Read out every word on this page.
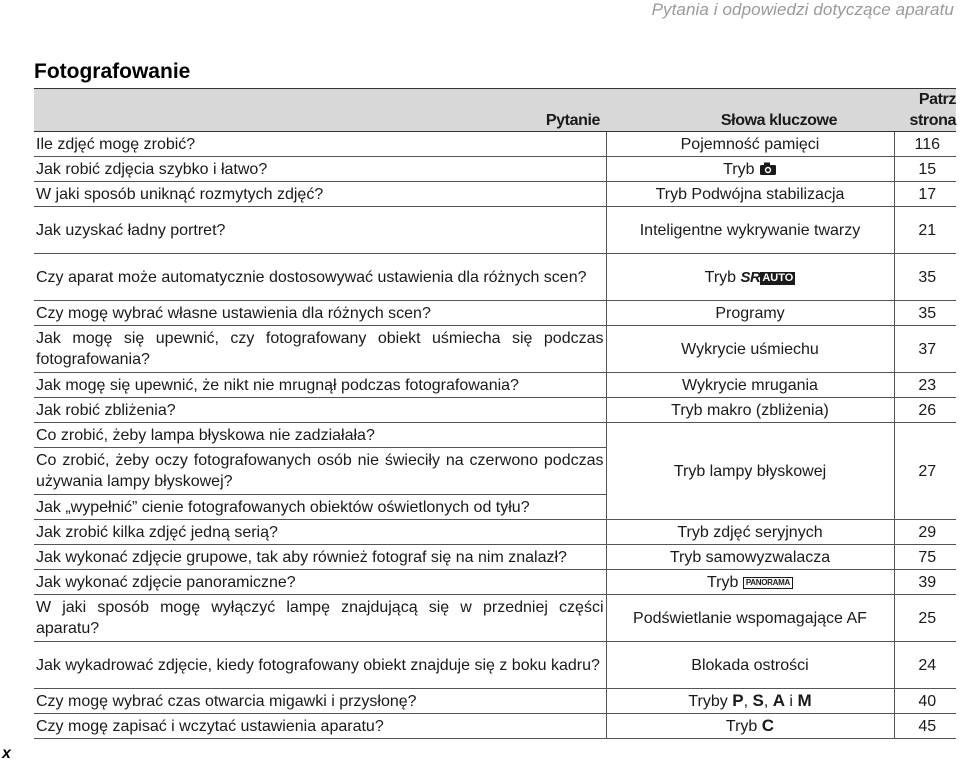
Pytania i odpowiedzi dotyczące aparatu
Fotografowanie
Pytanie	Słowa kluczowe	Patrz strona
Ile zdjęć mogę zrobić?	Pojemność pamięci	116
Jak robić zdjęcia szybko i łatwo?	Tryb	15
W jaki sposób uniknąć rozmytych zdjęć?	Tryb Podwójna stabilizacja	17
Jak uzyskać ładny portret?	Inteligentne wykrywanie twarzy	21
Czy aparat może automatycznie dostosowywać ustawienia dla różnych scen?	Tryb SR AUTO	35
Czy mogę wybrać własne ustawienia dla różnych scen?	Programy	35
Jak mogę się upewnić, czy fotografowany obiekt uśmiecha się podczas fotografowania?	Wykrycie uśmiechu	37
Jak mogę się upewnić, że nikt nie mrugnął podczas fotografowania?	Wykrycie mrugania	23
Jak robić zbliżenia?	Tryb makro (zbliżenia)	26
Co zrobić, żeby lampa błyskowa nie zadziałała?	Tryb lampy błyskowej	27
Co zrobić, żeby oczy fotografowanych osób nie świeciły na czerwono podczas używania lampy błyskowej?		
Jak „wypełnić” cienie fotografowanych obiektów oświetlonych od tyłu?		
Jak zrobić kilka zdjęć jedną serią?	Tryb zdjęć seryjnych	29
Jak wykonać zdjęcie grupowe, tak aby również fotograf się na nim znalazł?	Tryb samowyzwalacza	75
Jak wykonać zdjęcie panoramiczne?	Tryb PANORAMA	39
W jaki sposób mogę wyłączyć lampę znajdującą się w przedniej części aparatu?	Podświetlanie wspomagające AF	25
Jak wykadrować zdjęcie, kiedy fotografowany obiekt znajduje się z boku kadru?	Blokada ostrości	24
Czy mogę wybrać czas otwarcia migawki i przysłonę?	Tryby P, S, A i M	40
Czy mogę zapisać i wczytać ustawienia aparatu?	Tryb C	45
x
